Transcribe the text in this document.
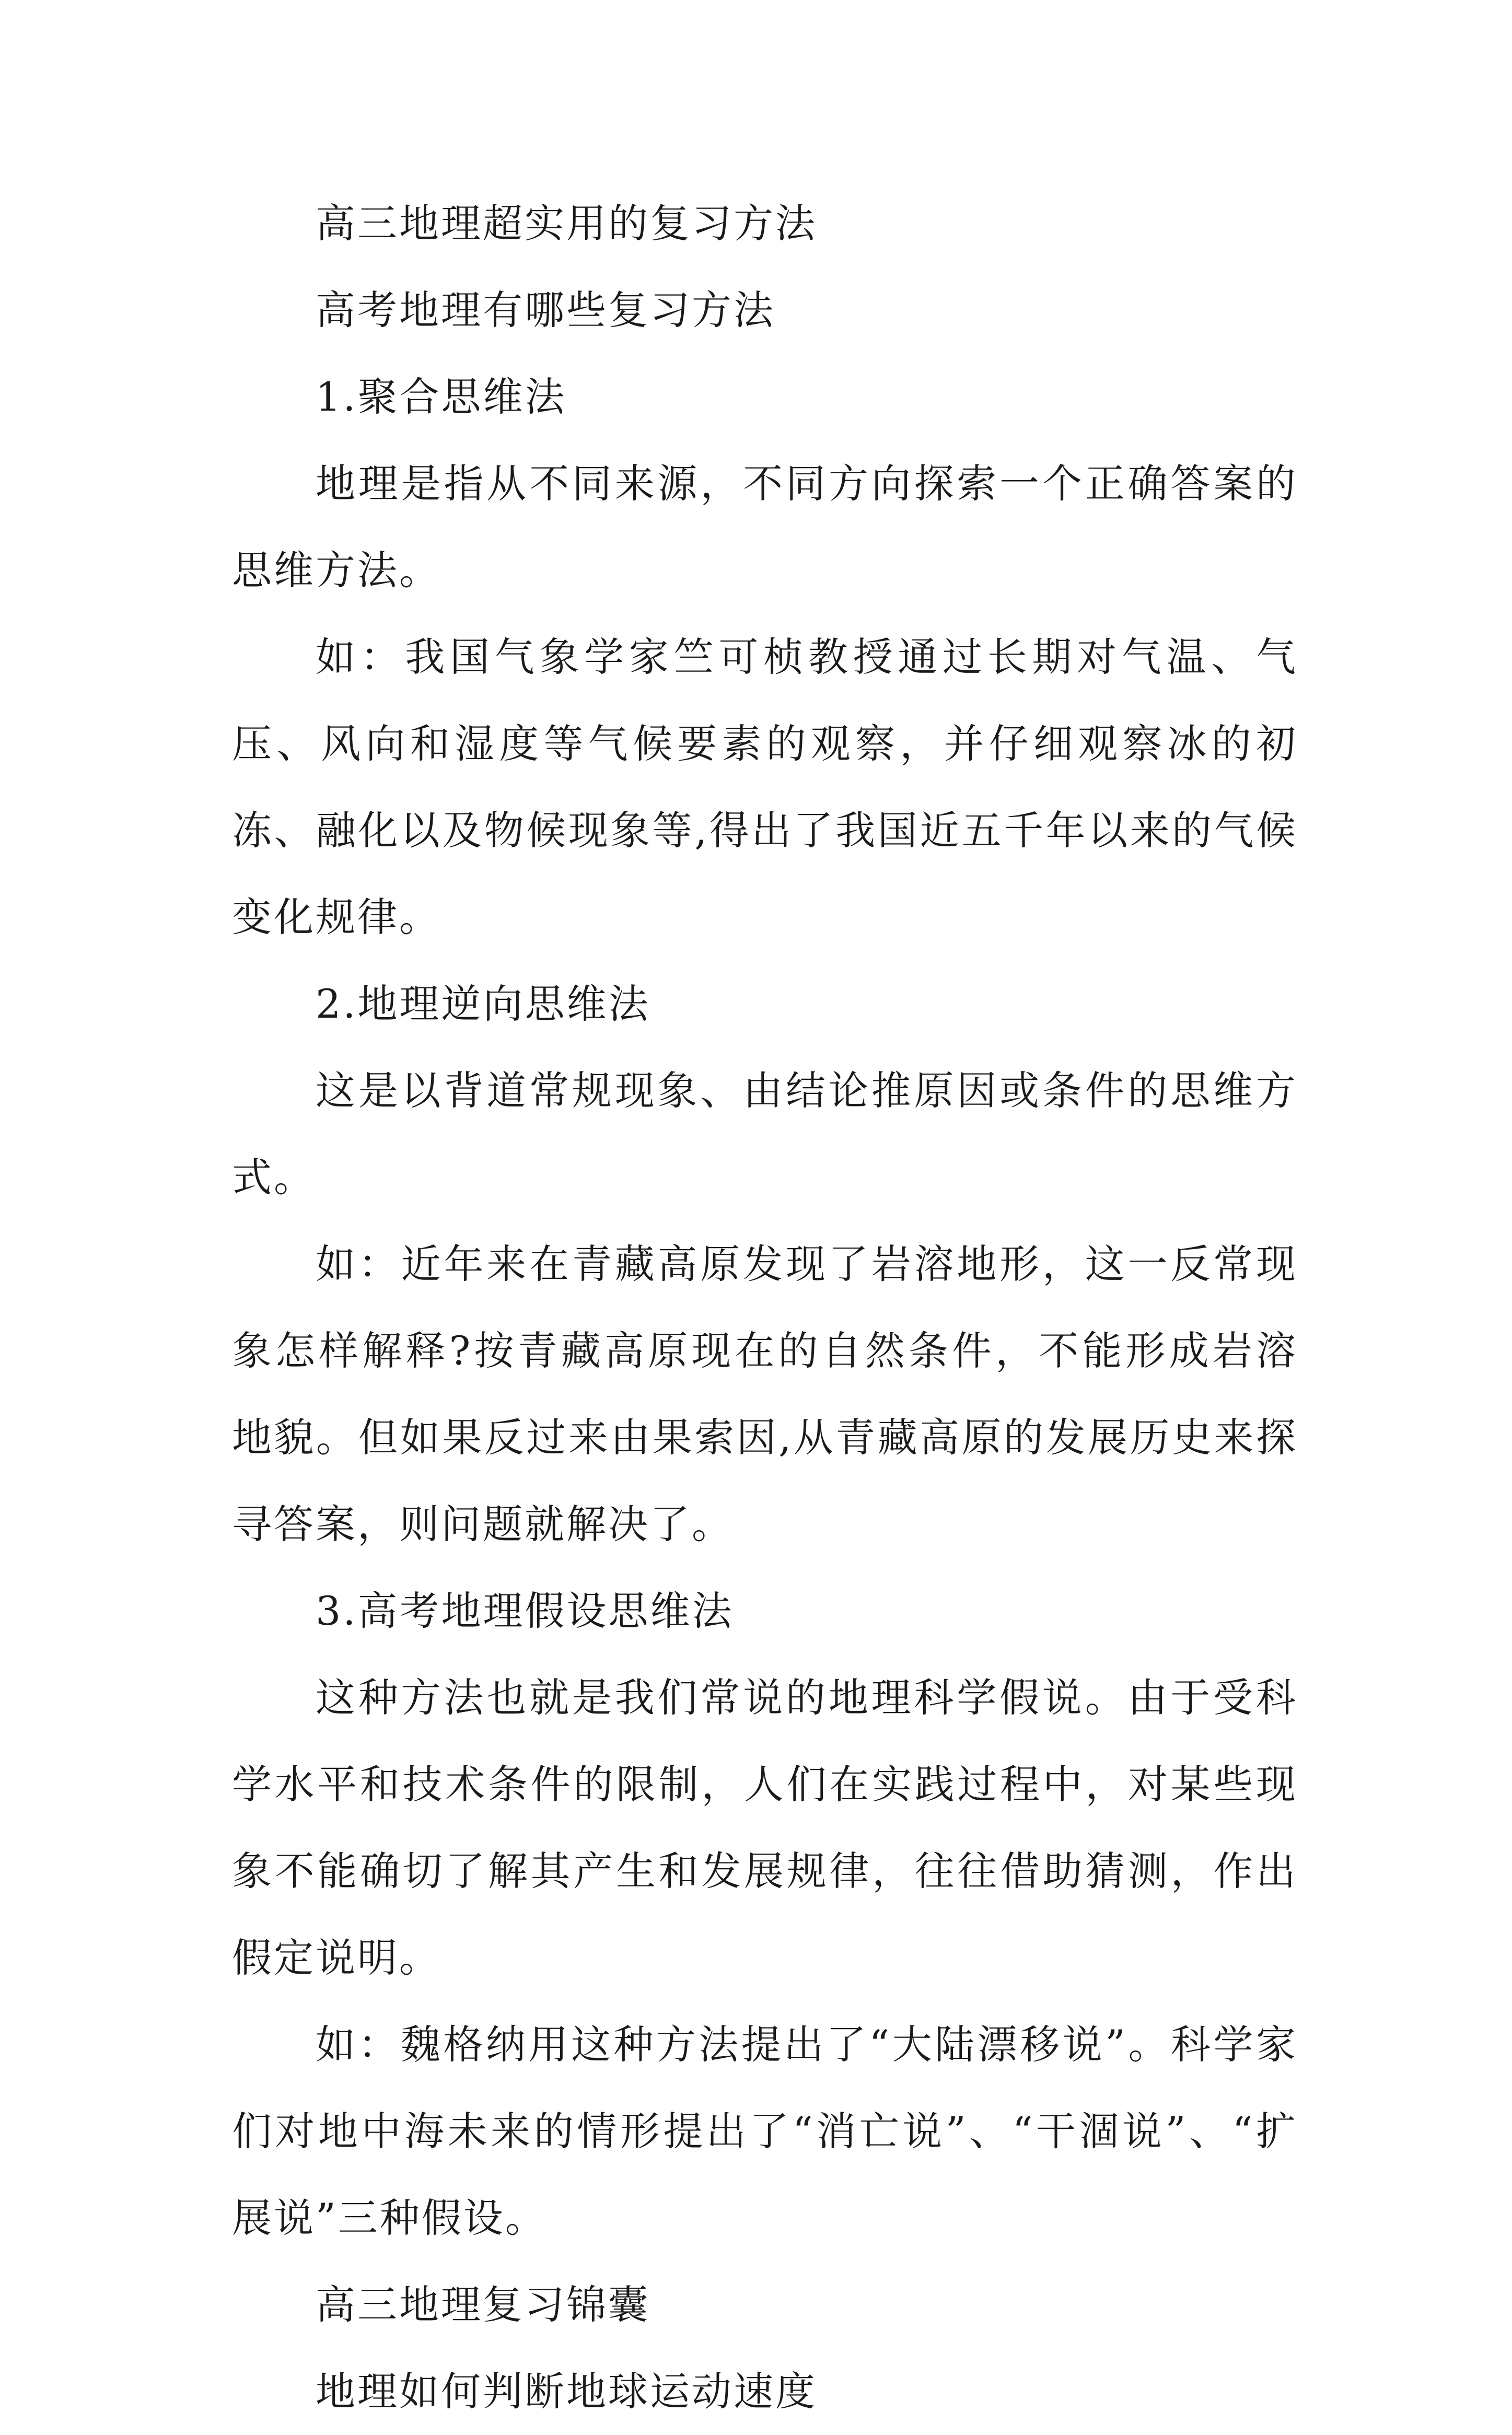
高三地理超实用的复习方法

高考地理有哪些复习方法

1.聚合思维法

地理是指从不同来源，不同方向探索一个正确答案的思维方法。

如：我国气象学家竺可桢教授通过长期对气温、气压、风向和湿度等气候要素的观察，并仔细观察冰的初冻、融化以及物候现象等,得出了我国近五千年以来的气候变化规律。

2.地理逆向思维法

这是以背道常规现象、由结论推原因或条件的思维方式。

如：近年来在青藏高原发现了岩溶地形，这一反常现象怎样解释?按青藏高原现在的自然条件，不能形成岩溶地貌。但如果反过来由果索因,从青藏高原的发展历史来探寻答案，则问题就解决了。

3.高考地理假设思维法

这种方法也就是我们常说的地理科学假说。由于受科学水平和技术条件的限制，人们在实践过程中，对某些现象不能确切了解其产生和发展规律，往往借助猜测，作出假定说明。

如：魏格纳用这种方法提出了“大陆漂移说”。科学家们对地中海未来的情形提出了“消亡说”、“干涸说”、“扩展说”三种假设。

高三地理复习锦囊

地理如何判断地球运动速度
